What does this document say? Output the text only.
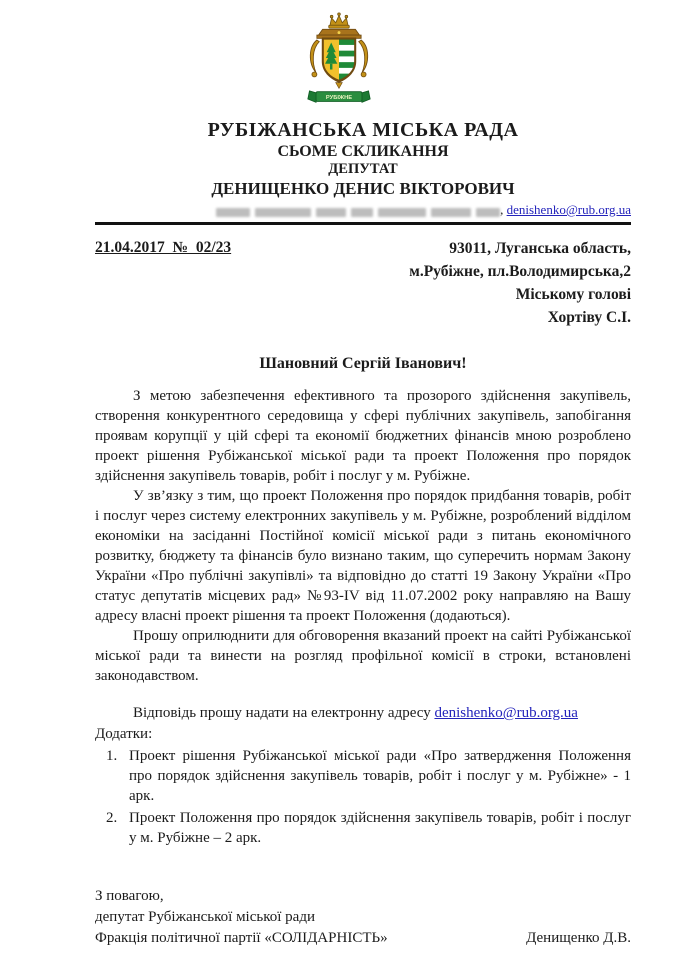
РУБІЖНЕ
РУБІЖАНСЬКА МІСЬКА РАДА
СЬОМЕ СКЛИКАННЯ
ДЕПУТАТ
ДЕНИЩЕНКО ДЕНИС ВІКТОРОВИЧ
, denishenko@rub.org.ua
21.04.2017  №  02/23	93011, Луганська область,
м.Рубіжне, пл.Володимирська,2
Міському голові
Хортіву С.І.
Шановний Сергій Іванович!

З метою забезпечення ефективного та прозорого здійснення закупівель, створення конкурентного середовища у сфері публічних закупівель, запобігання проявам корупції у цій сфері та економії бюджетних фінансів мною розроблено проект рішення Рубіжанської міської ради та проект Положення про порядок здійснення закупівель товарів, робіт і послуг у м. Рубіжне.

У зв’язку з тим, що проект Положення про порядок придбання товарів, робіт і послуг через систему електронних закупівель у м. Рубіжне, розроблений відділом економіки на засіданні Постійної комісії міської ради з питань економічного розвитку, бюджету та фінансів було визнано таким, що суперечить нормам Закону України «Про публічні закупівлі» та відповідно до статті 19 Закону України «Про статус депутатів місцевих рад» №93-IV від 11.07.2002 року направляю на Вашу адресу власні проект рішення та проект Положення (додаються).

Прошу оприлюднити для обговорення вказаний проект на сайті Рубіжанської міської ради та винести на розгляд профільної комісії в строки, встановлені законодавством.

Відповідь прошу надати на електронну адресу denishenko@rub.org.ua

Додатки:
1. Проект рішення Рубіжанської міської ради «Про затвердження Положення про порядок здійснення закупівель товарів, робіт і послуг у м. Рубіжне» - 1 арк.
2. Проект Положення про порядок здійснення закупівель товарів, робіт і послуг у м. Рубіжне – 2 арк.
З повагою,
депутат Рубіжанської міської ради
Фракція політичної партії «СОЛІДАРНІСТЬ»	Денищенко Д.В.
